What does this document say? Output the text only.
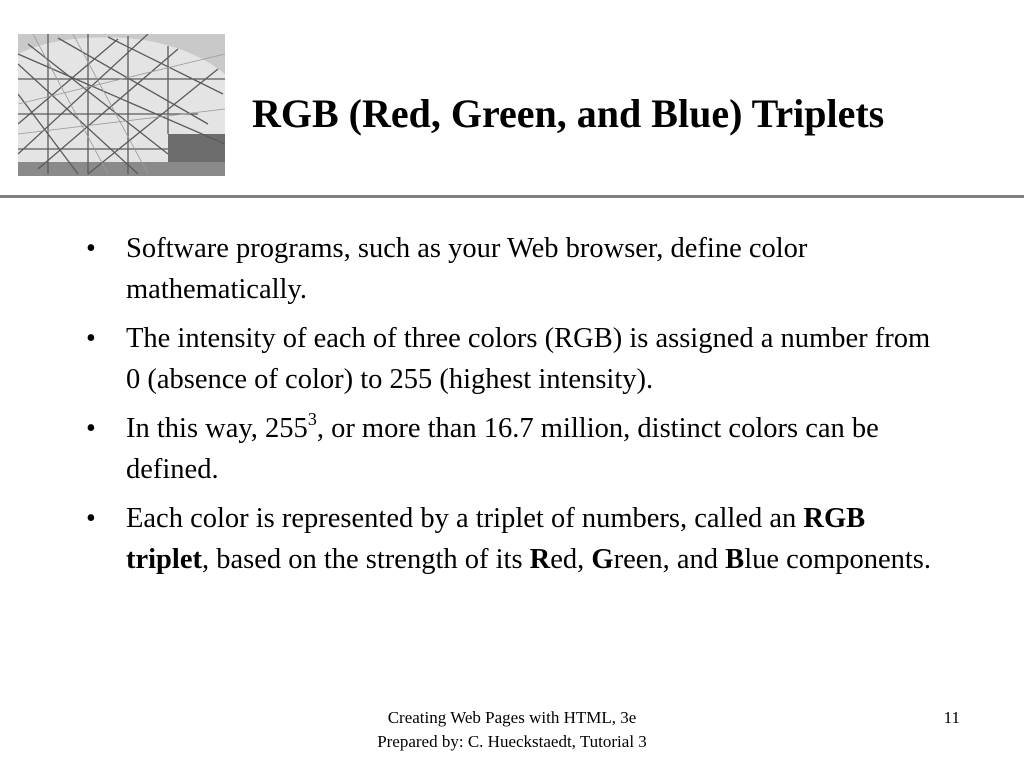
RGB (Red, Green, and Blue) Triplets
• Software programs, such as your Web browser, define color mathematically.
• The intensity of each of three colors (RGB) is assigned a number from 0 (absence of color) to 255 (highest intensity).
• In this way, $255^3$, or more than 16.7 million, distinct colors can be defined.
• Each color is represented by a triplet of numbers, called an RGB triplet, based on the strength of its Red, Green, and Blue components.
Creating Web Pages with HTML, 3e
Prepared by: C. Hueckstaedt, Tutorial 3
11
